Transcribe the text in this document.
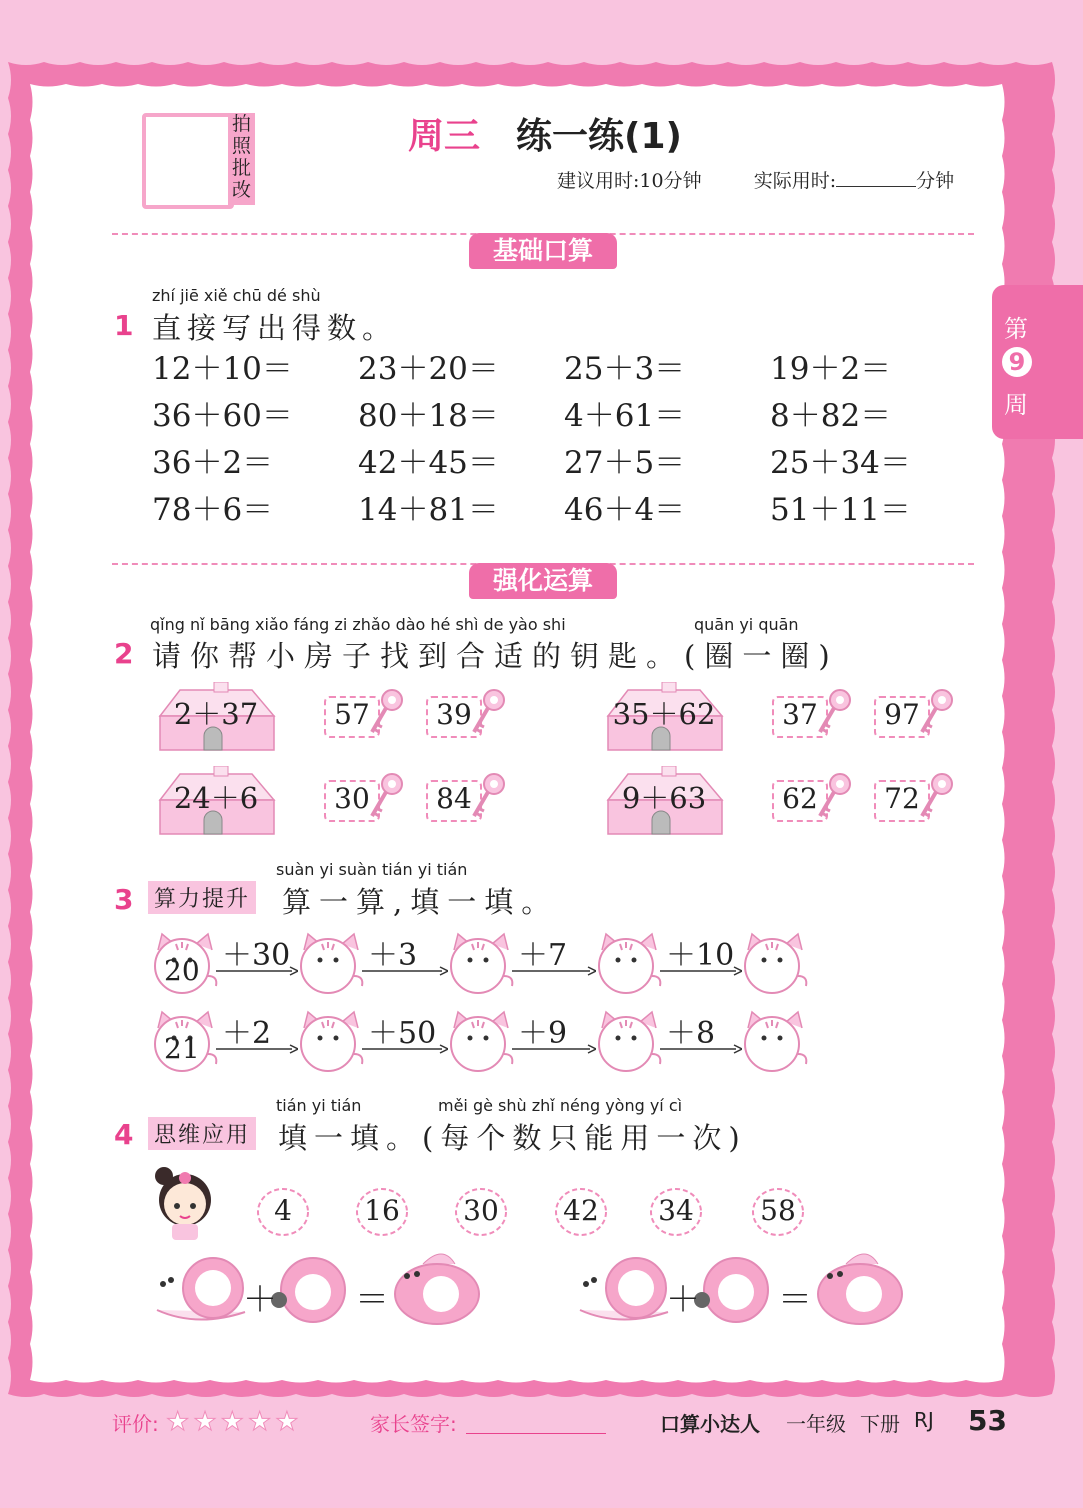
拍照批改
周三 练一练(1)
建议用时:10分钟	实际用时:	分钟
第
9
周
基础口算
zhí jiē xiě chū dé shù
1 直接写出得数。
12＋10＝	23＋20＝	25＋3＝	19＋2＝
36＋60＝	80＋18＝	4＋61＝	8＋82＝
36＋2＝	42＋45＝	27＋5＝	25＋34＝
78＋6＝	14＋81＝	46＋4＝	51＋11＝
强化运算
qǐng nǐ bāng xiǎo fáng zi zhǎo dào hé shì de yào shi	quān yi quān
2 请你帮小房子找到合适的钥匙。(圈一圈)
2＋37	57 39	35＋62	37 97
24＋6	30 84	9＋63	62 72
suàn yi suàn tián yi tián
3 算力提升 算一算,填一填。
20 ＋30	＋3	＋7	＋10
21 ＋2	＋50	＋9	＋8
tián yi tián	měi gè shù zhǐ néng yòng yí cì
4 思维应用 填一填。(每个数只能用一次)
4	16	30	42	34	58
＋ ＝	＋ ＝
评价: ★ ★ ★ ★ ★	家长签字:	口算小达人 一年级 下册 RJ 53
